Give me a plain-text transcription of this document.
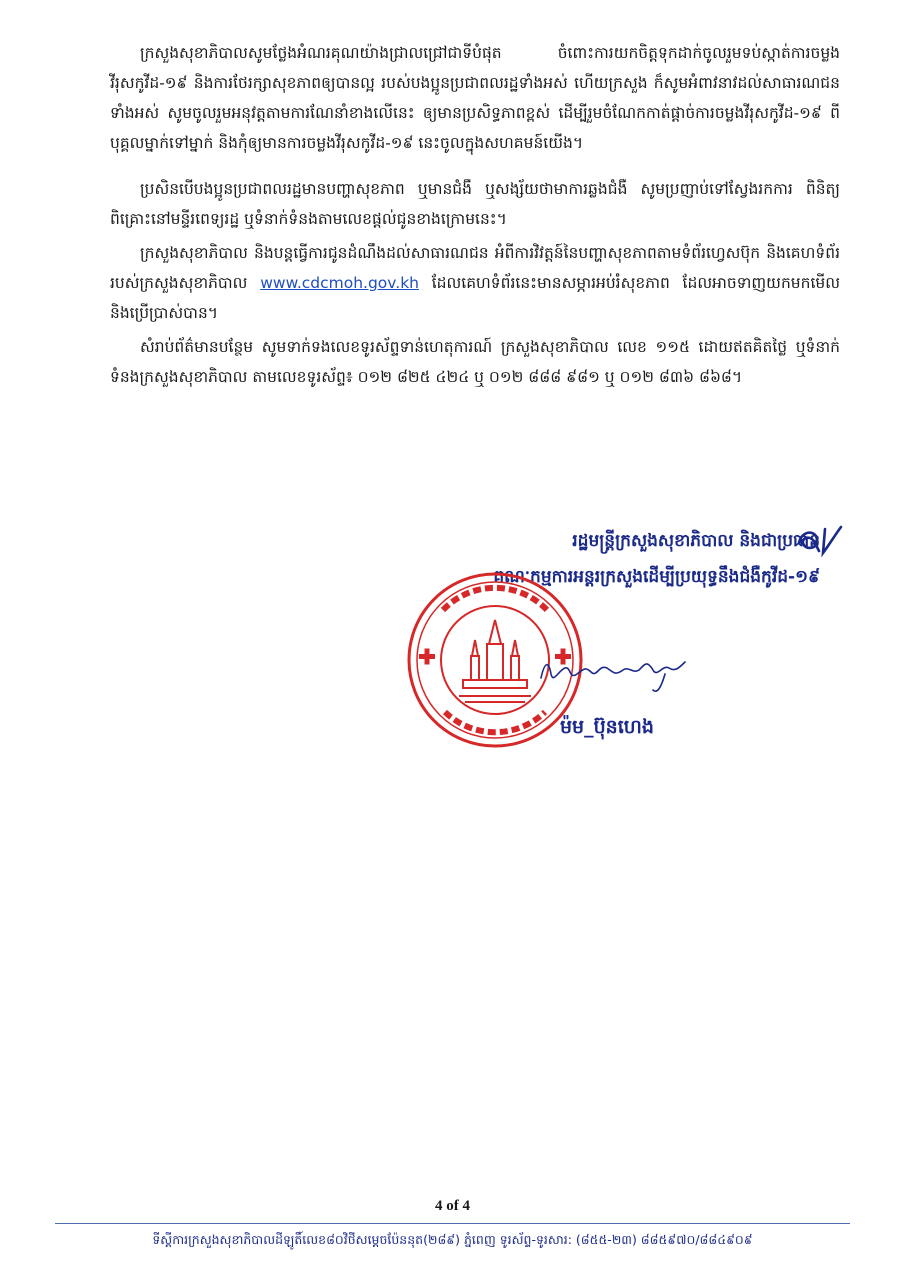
ក្រសួងសុខាភិបាលសូមថ្លែងអំណរគុណយ៉ាងជ្រាលជ្រៅជាទីបំផុត ចំពោះការយកចិត្តទុកដាក់ចូលរួមទប់ស្កាត់ការចម្លងវីរុសកូវីដ-១៩ និងការថែរក្សាសុខភាពឲ្យបានល្អ របស់បងប្អូនប្រជាពលរដ្ឋទាំងអស់ ហើយក្រសួង ក៏សូមអំពាវនាវដល់សាធារណជនទាំងអស់ សូមចូលរួមអនុវត្តតាមការណែនាំខាងលើនេះ ឲ្យមានប្រសិទ្ធភាពខ្ពស់ ដើម្បីរួមចំណែកកាត់ផ្តាច់ការចម្លងវីរុសកូវីដ-១៩ ពីបុគ្គលម្នាក់ទៅម្នាក់ និងកុំឲ្យមានការចម្លងវីរុសកូវីដ-១៩ នេះចូលក្នុងសហគមន៍យើង។

ប្រសិនបើបងប្អូនប្រជាពលរដ្ឋមានបញ្ហាសុខភាព ឬមានជំងឺ ឬសង្ស័យថាមាការឆ្លងជំងឺ សូមប្រញាប់ទៅស្វែងរកការ ពិនិត្យពិគ្រោះនៅមន្ទីរពេទ្យរដ្ឋ ឬទំនាក់ទំនងតាមលេខផ្តល់ជូនខាងក្រោមនេះ។

ក្រសួងសុខាភិបាល និងបន្តធ្វើការជូនដំណឹងដល់សាធារណជន អំពីការវិវត្តន៍នៃបញ្ហាសុខភាពតាមទំព័រហ្វេសប៊ុក និងគេហទំព័ររបស់ក្រសួងសុខាភិបាល www.cdcmoh.gov.kh ដែលគេហទំព័រនេះមានសម្ភារអប់រំសុខភាព ដែលអាចទាញយកមកមើល និងប្រើប្រាស់បាន។

សំរាប់ព័ត៌មានបន្ថែម សូមទាក់ទងលេខទូរស័ព្ទទាន់ហេតុការណ៍ ក្រសួងសុខាភិបាល លេខ ១១៥ ដោយឥតគិតថ្លៃ ឬទំនាក់ទំនងក្រសួងសុខាភិបាល តាមលេខទូរស័ព្ទ៖ ០១២ ៨២៥ ៤២៤ ឬ ០១២ ៨៨៨ ៩៨១ ឬ ០១២ ៨៣៦ ៨៦៨។

រដ្ឋមន្ត្រីក្រសួងសុខាភិបាល និងជាប្រធាន
គណៈកម្មការអន្តរក្រសួងដើម្បីប្រយុទ្ធនឹងជំងឺកូវីដ-១៩
ម៉ម_ប៊ុនហេង
4 of 4
ទីស្តីការក្រសួងសុខាភិបាលដីឡូតិ៍លេខ៨០វិថីសម្តេចប៉ែននុត(២៨៩) ភ្នំពេញ ទូរស័ព្ទ-ទូរសារ: (៨៥៥-២៣) ៨៨៥៩៧០/៨៨៤៩០៩
